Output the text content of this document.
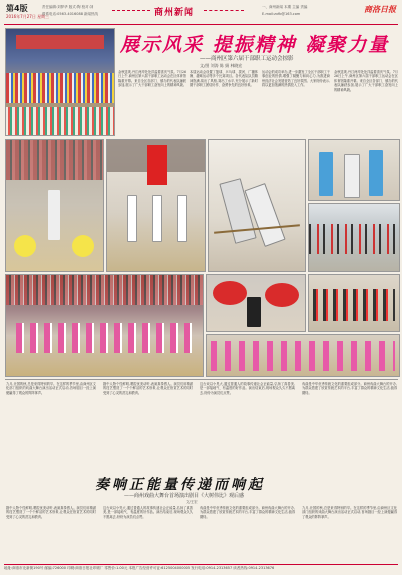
第4版
2016年7月27日 星期三
责任编辑:刘梦华 版式:陶 校对:刘
联系电话:0563-4016088 新闻热线	商州新闻
一、商州新闻 本期 主编 责编
E-mail:zxfb@163.com	商洛日报
展示风采 提振精神 凝聚力量
——商州区第六届干部职工运动会掠影
文/图 刘涛 陈 娟 林晓宏
金秋送爽,丹江两岸处处洋溢着喜庆气氛。7月26日上午,商州区第六届干部职工运动会在区体育馆隆重开幕。来自全区各部门、镇办的代表队踊跃参加,展示了广大干部职工奋发向上的精神风貌。
本届运动会设置了篮球、乒乓球、拔河、广播体操、趣味运动等多个比赛项目。各代表队队员精神饱满,赛出了风格,赛出了水平,充分展示了新时期干部职工团结协作、奋勇争先的良好形象。
运动会的成功举办,进一步激发了全区干部职工干事创业的热情,增强了凝聚力和向心力,为推进商州经济社会发展营造了良好氛围。大家纷纷表示,将以更加饱满的热情投入工作。
金秋送爽,丹江两岸处处洋溢着喜庆气氛。7月26日上午,商州区第六届干部职工运动会在区体育馆隆重开幕。来自全区各部门、镇办的代表队踊跃参加,展示了广大干部职工奋发向上的精神风貌。
九月,北国的秋,总是来得特别的早。在这样的季节里,由商州区文化部门组织的戏曲大舞台演出活动正式启动,首场剧目一经上演便赢得了观众的阵阵掌声。
剧中人物个性鲜明,唱腔优美动听,表演真挚感人。演员们用精湛的技艺塑造了一个个鲜活的艺术形象,让观众在欣赏艺术的同时受到了心灵的洗礼和教育。
这台戏以小见大,通过普通人的故事传递社会正能量,弘扬了真善美,是一部接地气、有温度的好作品。演出结束后,现场观众久久不愿离去,纷纷为演员们点赞。
戏曲是中华优秀传统文化的重要组成部分。商州戏曲大舞台的开办,为群众搭建了欣赏传统艺术的平台,丰富了群众的精神文化生活,值得期待。
奏响正能量传递而响起
——商州戏曲大舞台首场演出剧目《大树伟比》观后感
文/王宏
剧中人物个性鲜明,唱腔优美动听,表演真挚感人。演员们用精湛的技艺塑造了一个个鲜活的艺术形象,让观众在欣赏艺术的同时受到了心灵的洗礼和教育。
这台戏以小见大,通过普通人的故事传递社会正能量,弘扬了真善美,是一部接地气、有温度的好作品。演出结束后,现场观众久久不愿离去,纷纷为演员们点赞。
戏曲是中华优秀传统文化的重要组成部分。商州戏曲大舞台的开办,为群众搭建了欣赏传统艺术的平台,丰富了群众的精神文化生活,值得期待。
九月,北国的秋,总是来得特别的早。在这样的季节里,由商州区文化部门组织的戏曲大舞台演出活动正式启动,首场剧目一经上演便赢得了观众的阵阵掌声。
地址:商洛市北新街190号 邮编:726000 印刷:商洛日报社印刷厂 零售价:1.00元 本报广告经营许可证:6125004000005 发行电话:0914-2313657 读者热线:0914-2313676
